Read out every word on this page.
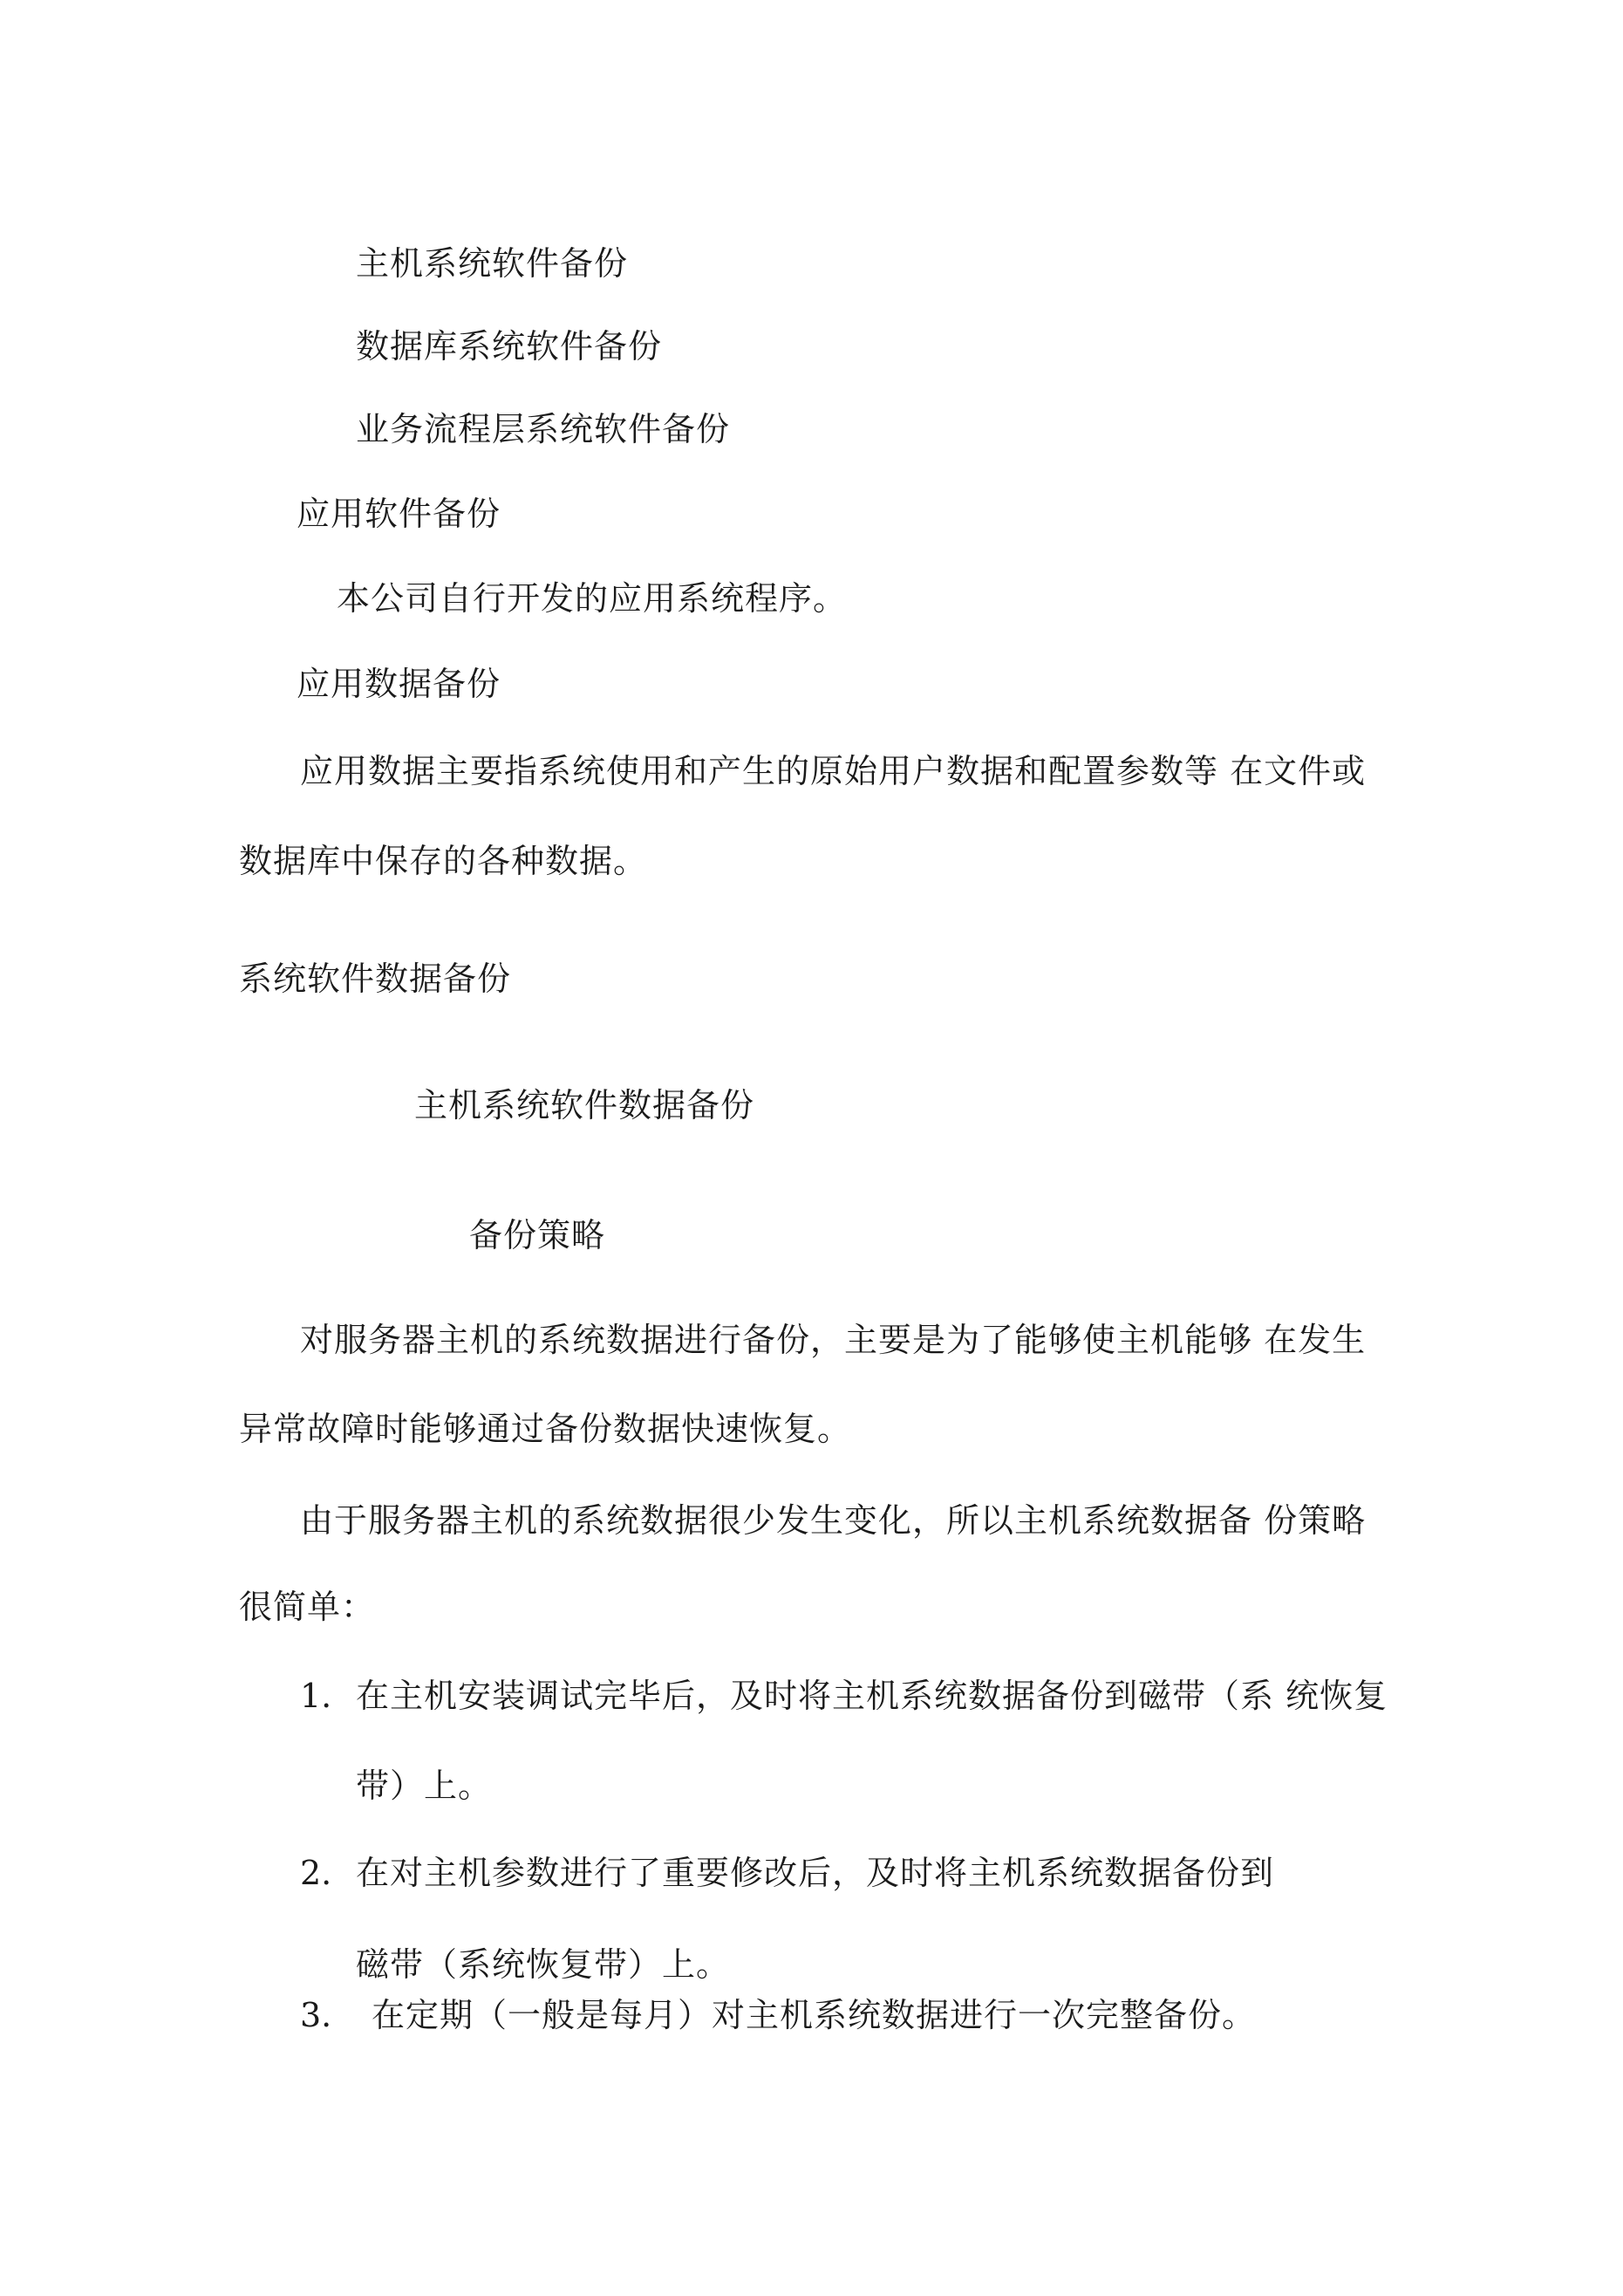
主机系统软件备份
数据库系统软件备份
业务流程层系统软件备份
应用软件备份
本公司自行开发的应用系统程序。
应用数据备份
应用数据主要指系统使用和产生的原始用户数据和配置参数等 在文件或
数据库中保存的各种数据。
系统软件数据备份
主机系统软件数据备份
备份策略
对服务器主机的系统数据进行备份，主要是为了能够使主机能够 在发生
异常故障时能够通过备份数据快速恢复。
由于服务器主机的系统数据很少发生变化，所以主机系统数据备 份策略
很简单：
1. 在主机安装调试完毕后，及时将主机系统数据备份到磁带（系 统恢复
带）上。
2. 在对主机参数进行了重要修改后，及时将主机系统数据备份到
磁带（系统恢复带）上。
3. 在定期（一般是每月）对主机系统数据进行一次完整备份。
